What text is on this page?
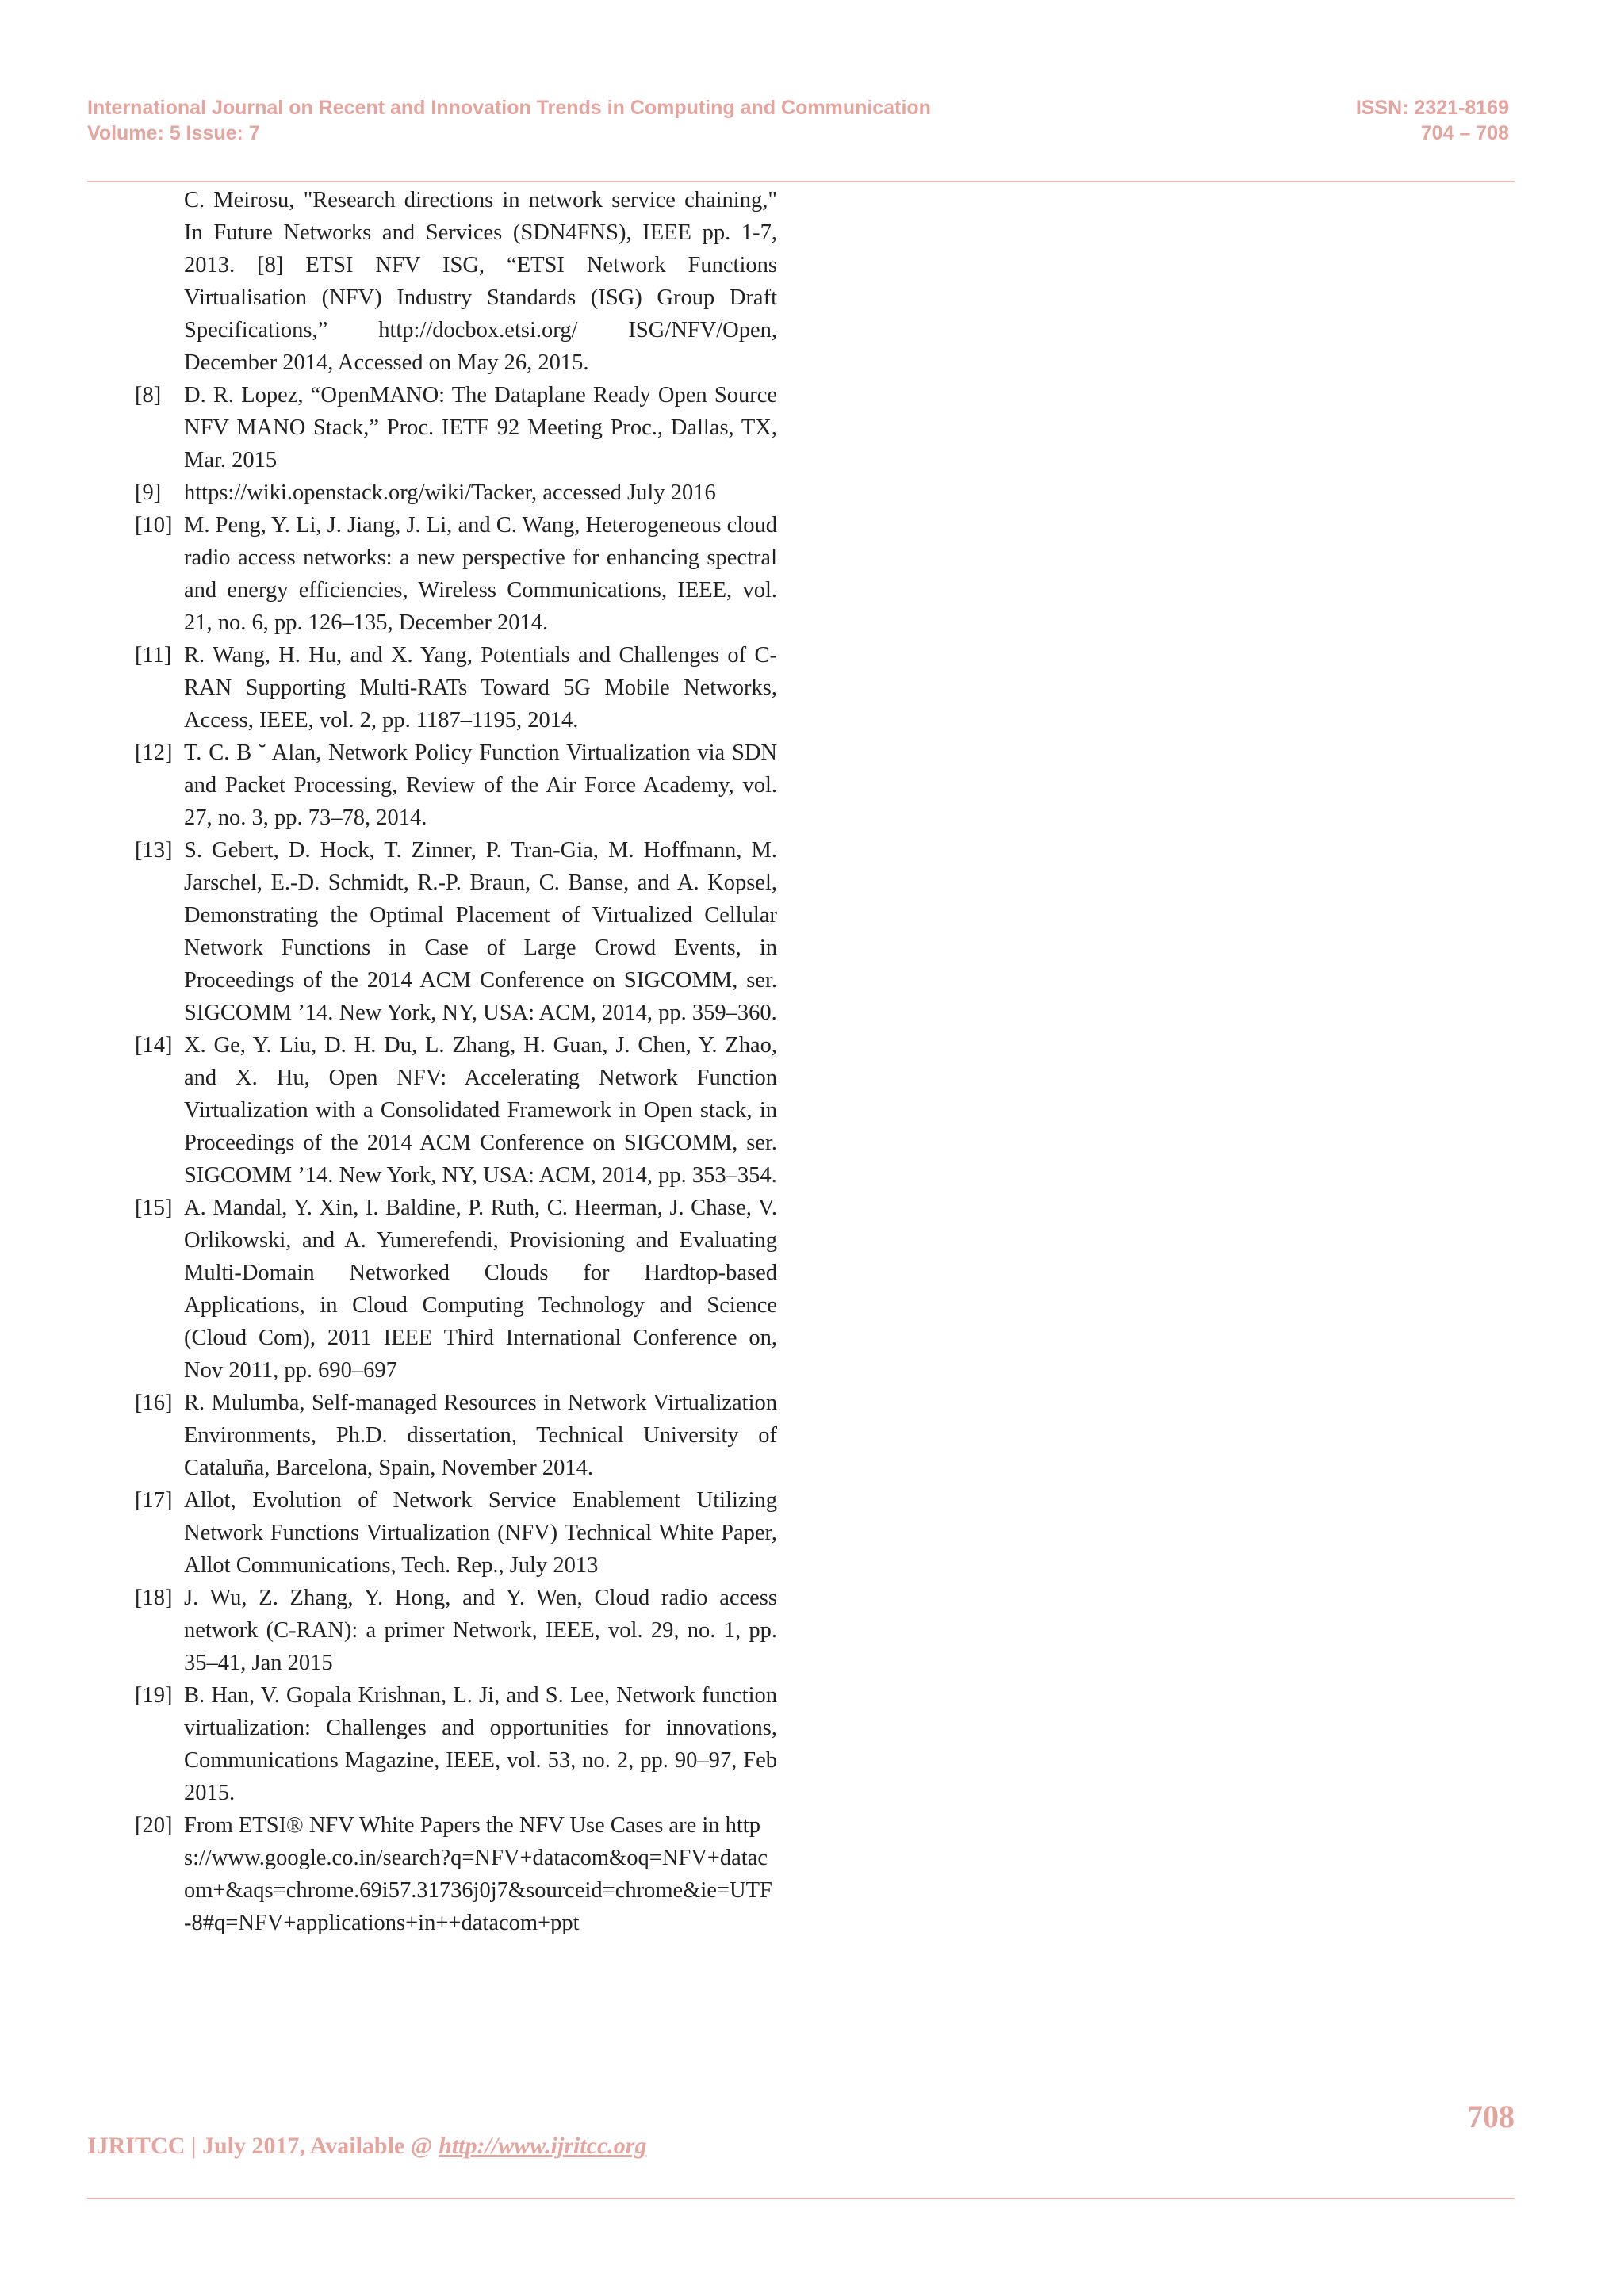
International Journal on Recent and Innovation Trends in Computing and Communication
Volume: 5 Issue: 7
ISSN: 2321-8169
704 – 708
C. Meirosu, "Research directions in network service chaining," In Future Networks and Services (SDN4FNS), IEEE pp. 1-7, 2013. [8] ETSI NFV ISG, “ETSI Network Functions Virtualisation (NFV) Industry Standards (ISG) Group Draft Specifications,” http://docbox.etsi.org/ ISG/NFV/Open, December 2014, Accessed on May 26, 2015.
[8]	D. R. Lopez, “OpenMANO: The Dataplane Ready Open Source NFV MANO Stack,” Proc. IETF 92 Meeting Proc., Dallas, TX, Mar. 2015
[9]	https://wiki.openstack.org/wiki/Tacker, accessed July 2016
[10] M. Peng, Y. Li, J. Jiang, J. Li, and C. Wang, Heterogeneous cloud radio access networks: a new perspective for enhancing spectral and energy efficiencies, Wireless Communications, IEEE, vol. 21, no. 6, pp. 126–135, December 2014.
[11] R. Wang, H. Hu, and X. Yang, Potentials and Challenges of C-RAN Supporting Multi-RATs Toward 5G Mobile Networks, Access, IEEE, vol. 2, pp. 1187–1195, 2014.
[12] T. C. B ˘ Alan, Network Policy Function Virtualization via SDN and Packet Processing, Review of the Air Force Academy, vol. 27, no. 3, pp. 73–78, 2014.
[13] S. Gebert, D. Hock, T. Zinner, P. Tran-Gia, M. Hoffmann, M. Jarschel, E.-D. Schmidt, R.-P. Braun, C. Banse, and A. Kopsel, Demonstrating the Optimal Placement of Virtualized Cellular Network Functions in Case of Large Crowd Events, in Proceedings of the 2014 ACM Conference on SIGCOMM, ser. SIGCOMM ’14. New York, NY, USA: ACM, 2014, pp. 359–360.
[14] X. Ge, Y. Liu, D. H. Du, L. Zhang, H. Guan, J. Chen, Y. Zhao, and X. Hu, Open NFV: Accelerating Network Function Virtualization with a Consolidated Framework in Open stack, in Proceedings of the 2014 ACM Conference on SIGCOMM, ser. SIGCOMM ’14. New York, NY, USA: ACM, 2014, pp. 353–354.
[15] A. Mandal, Y. Xin, I. Baldine, P. Ruth, C. Heerman, J. Chase, V. Orlikowski, and A. Yumerefendi, Provisioning and Evaluating Multi-Domain Networked Clouds for Hardtop-based Applications, in Cloud Computing Technology and Science (Cloud Com), 2011 IEEE Third International Conference on, Nov 2011, pp. 690–697
[16] R. Mulumba, Self-managed Resources in Network Virtualization Environments, Ph.D. dissertation, Technical University of Cataluña, Barcelona, Spain, November 2014.
[17] Allot, Evolution of Network Service Enablement Utilizing Network Functions Virtualization (NFV) Technical White Paper, Allot Communications, Tech. Rep., July 2013
[18] J. Wu, Z. Zhang, Y. Hong, and Y. Wen, Cloud radio access network (C-RAN): a primer Network, IEEE, vol. 29, no. 1, pp. 35–41, Jan 2015
[19] B. Han, V. Gopala Krishnan, L. Ji, and S. Lee, Network function virtualization: Challenges and opportunities for innovations, Communications Magazine, IEEE, vol. 53, no. 2, pp. 90–97, Feb 2015.
[20] From ETSI® NFV White Papers the NFV Use Cases are in https://www.google.co.in/search?q=NFV+datacom&oq=NFV+datacom+&aqs=chrome.69i57.31736j0j7&sourceid=chrome&ie=UTF-8#q=NFV+applications+in++datacom+ppt
708
IJRITCC | July 2017, Available @ http://www.ijritcc.org
